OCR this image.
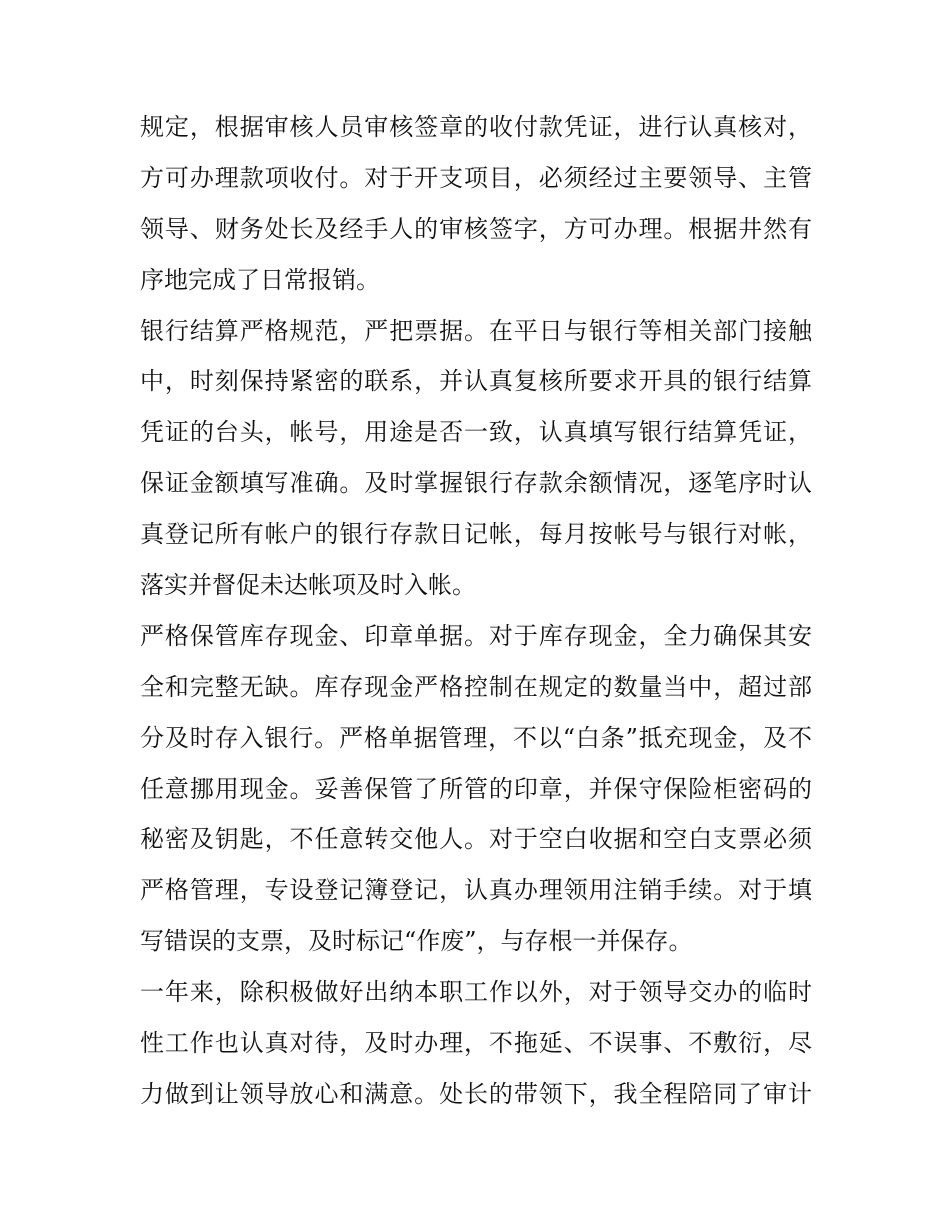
规定，根据审核人员审核签章的收付款凭证，进行认真核对，
方可办理款项收付。对于开支项目，必须经过主要领导、主管
领导、财务处长及经手人的审核签字，方可办理。根据井然有
序地完成了日常报销。
银行结算严格规范，严把票据。在平日与银行等相关部门接触
中，时刻保持紧密的联系，并认真复核所要求开具的银行结算
凭证的台头，帐号，用途是否一致，认真填写银行结算凭证，
保证金额填写准确。及时掌握银行存款余额情况，逐笔序时认
真登记所有帐户的银行存款日记帐，每月按帐号与银行对帐，
落实并督促未达帐项及时入帐。
严格保管库存现金、印章单据。对于库存现金，全力确保其安
全和完整无缺。库存现金严格控制在规定的数量当中，超过部
分及时存入银行。严格单据管理，不以“白条”抵充现金，及不
任意挪用现金。妥善保管了所管的印章，并保守保险柜密码的
秘密及钥匙，不任意转交他人。对于空白收据和空白支票必须
严格管理，专设登记簿登记，认真办理领用注销手续。对于填
写错误的支票，及时标记“作废”，与存根一并保存。
一年来，除积极做好出纳本职工作以外，对于领导交办的临时
性工作也认真对待，及时办理，不拖延、不误事、不敷衍，尽
力做到让领导放心和满意。处长的带领下，我全程陪同了审计
